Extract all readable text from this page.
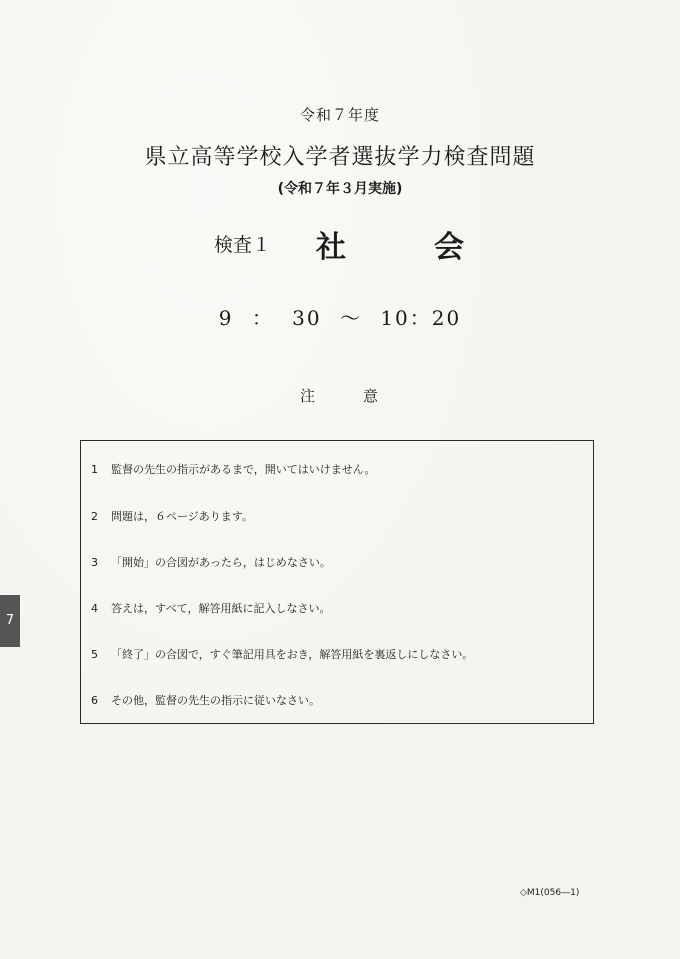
令和７年度
県立高等学校入学者選抜学力検査問題
(令和７年３月実施)
検査１ 社	会
9 ： 30 ～ 10：20
注	意
1 監督の先生の指示があるまで，開いてはいけません。
2 問題は，６ページあります。
3 「開始」の合図があったら，はじめなさい。
4 答えは，すべて，解答用紙に記入しなさい。
5 「終了」の合図で，すぐ筆記用具をおき，解答用紙を裏返しにしなさい。
6 その他，監督の先生の指示に従いなさい。
7
◇M1(056―1)
